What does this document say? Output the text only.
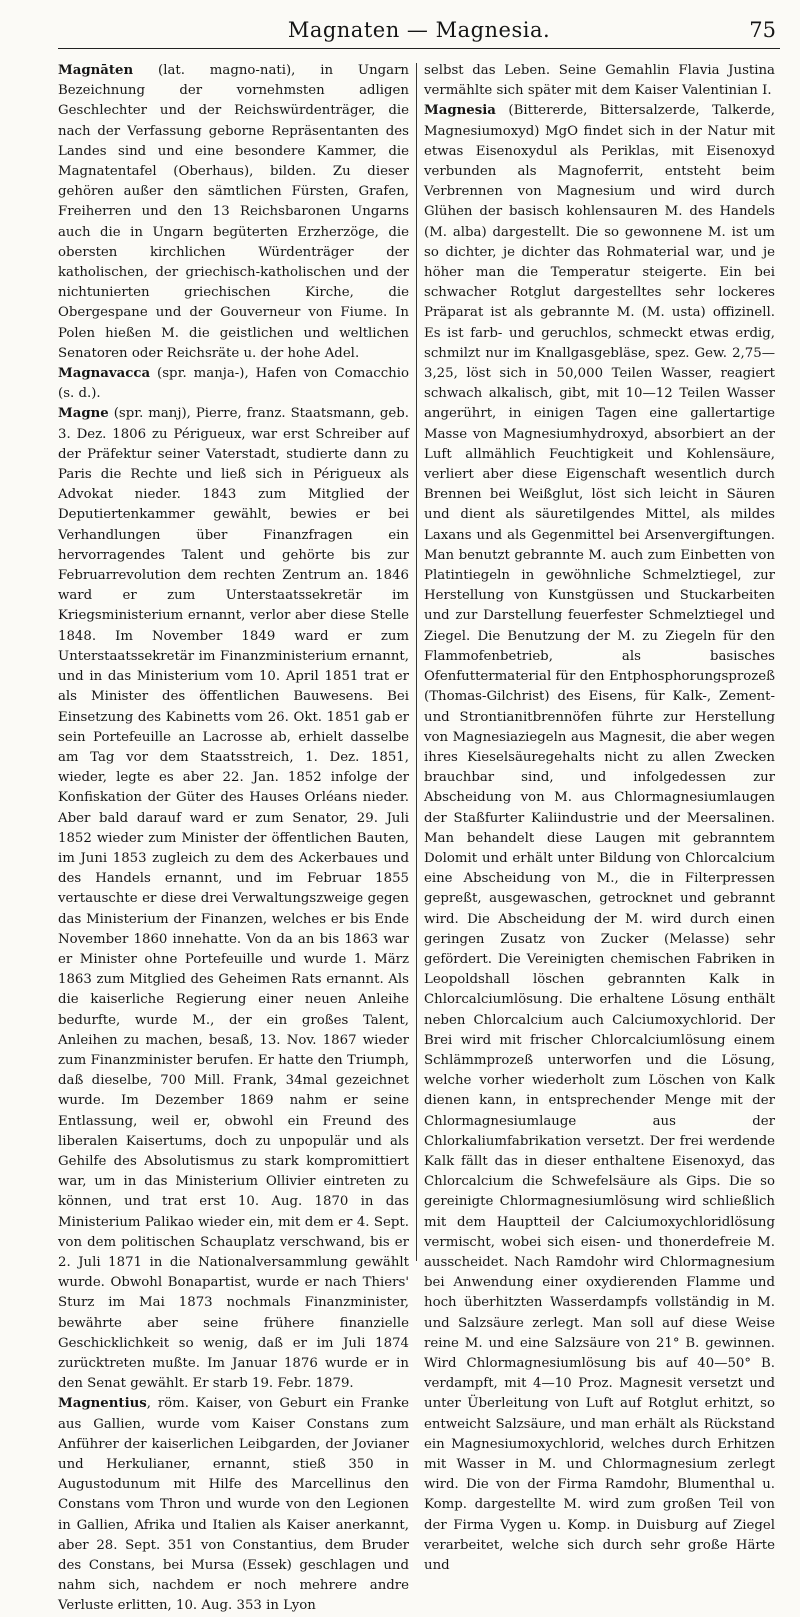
Magnaten — Magnesia.	75

Magnāten (lat. magno-nati), in Ungarn Bezeichnung der vornehmsten adligen Geschlechter und der Reichswürdenträger, die nach der Verfassung geborne Repräsentanten des Landes sind und eine besondere Kammer, die Magnatentafel (Oberhaus), bilden. Zu dieser gehören außer den sämtlichen Fürsten, Grafen, Freiherren und den 13 Reichsbaronen Ungarns auch die in Ungarn begüterten Erzherzöge, die obersten kirchlichen Würdenträger der katholischen, der griechisch-katholischen und der nichtunierten griechischen Kirche, die Obergespane und der Gouverneur von Fiume. In Polen hießen M. die geistlichen und weltlichen Senatoren oder Reichsräte u. der hohe Adel.

Magnavacca (spr. manja-), Hafen von Comacchio (s. d.).

Magne (spr. manj), Pierre, franz. Staatsmann, geb. 3. Dez. 1806 zu Périgueux, war erst Schreiber auf der Präfektur seiner Vaterstadt, studierte dann zu Paris die Rechte und ließ sich in Périgueux als Advokat nieder. 1843 zum Mitglied der Deputiertenkammer gewählt, bewies er bei Verhandlungen über Finanzfragen ein hervorragendes Talent und gehörte bis zur Februarrevolution dem rechten Zentrum an. 1846 ward er zum Unterstaatssekretär im Kriegsministerium ernannt, verlor aber diese Stelle 1848. Im November 1849 ward er zum Unterstaatssekretär im Finanzministerium ernannt, und in das Ministerium vom 10. April 1851 trat er als Minister des öffentlichen Bauwesens. Bei Einsetzung des Kabinetts vom 26. Okt. 1851 gab er sein Portefeuille an Lacrosse ab, erhielt dasselbe am Tag vor dem Staatsstreich, 1. Dez. 1851, wieder, legte es aber 22. Jan. 1852 infolge der Konfiskation der Güter des Hauses Orléans nieder. Aber bald darauf ward er zum Senator, 29. Juli 1852 wieder zum Minister der öffentlichen Bauten, im Juni 1853 zugleich zu dem des Ackerbaues und des Handels ernannt, und im Februar 1855 vertauschte er diese drei Verwaltungszweige gegen das Ministerium der Finanzen, welches er bis Ende November 1860 innehatte. Von da an bis 1863 war er Minister ohne Portefeuille und wurde 1. März 1863 zum Mitglied des Geheimen Rats ernannt. Als die kaiserliche Regierung einer neuen Anleihe bedurfte, wurde M., der ein großes Talent, Anleihen zu machen, besaß, 13. Nov. 1867 wieder zum Finanzminister berufen. Er hatte den Triumph, daß dieselbe, 700 Mill. Frank, 34mal gezeichnet wurde. Im Dezember 1869 nahm er seine Entlassung, weil er, obwohl ein Freund des liberalen Kaisertums, doch zu unpopulär und als Gehilfe des Absolutismus zu stark kompromittiert war, um in das Ministerium Ollivier eintreten zu können, und trat erst 10. Aug. 1870 in das Ministerium Palikao wieder ein, mit dem er 4. Sept. von dem politischen Schauplatz verschwand, bis er 2. Juli 1871 in die Nationalversammlung gewählt wurde. Obwohl Bonapartist, wurde er nach Thiers' Sturz im Mai 1873 nochmals Finanzminister, bewährte aber seine frühere finanzielle Geschicklichkeit so wenig, daß er im Juli 1874 zurücktreten mußte. Im Januar 1876 wurde er in den Senat gewählt. Er starb 19. Febr. 1879.

Magnentius, röm. Kaiser, von Geburt ein Franke aus Gallien, wurde vom Kaiser Constans zum Anführer der kaiserlichen Leibgarden, der Jovianer und Herkulianer, ernannt, stieß 350 in Augustodunum mit Hilfe des Marcellinus den Constans vom Thron und wurde von den Legionen in Gallien, Afrika und Italien als Kaiser anerkannt, aber 28. Sept. 351 von Constantius, dem Bruder des Constans, bei Mursa (Essek) geschlagen und nahm sich, nachdem er noch mehrere andre Verluste erlitten, 10. Aug. 353 in Lyon

selbst das Leben. Seine Gemahlin Flavia Justina vermählte sich später mit dem Kaiser Valentinian I.

Magnesia (Bittererde, Bittersalzerde, Talkerde, Magnesiumoxyd) MgO findet sich in der Natur mit etwas Eisenoxydul als Periklas, mit Eisenoxyd verbunden als Magnoferrit, entsteht beim Verbrennen von Magnesium und wird durch Glühen der basisch kohlensauren M. des Handels (M. alba) dargestellt. Die so gewonnene M. ist um so dichter, je dichter das Rohmaterial war, und je höher man die Temperatur steigerte. Ein bei schwacher Rotglut dargestelltes sehr lockeres Präparat ist als gebrannte M. (M. usta) offizinell. Es ist farb- und geruchlos, schmeckt etwas erdig, schmilzt nur im Knallgasgebläse, spez. Gew. 2,75—3,25, löst sich in 50,000 Teilen Wasser, reagiert schwach alkalisch, gibt, mit 10—12 Teilen Wasser angerührt, in einigen Tagen eine gallertartige Masse von Magnesiumhydroxyd, absorbiert an der Luft allmählich Feuchtigkeit und Kohlensäure, verliert aber diese Eigenschaft wesentlich durch Brennen bei Weißglut, löst sich leicht in Säuren und dient als säuretilgendes Mittel, als mildes Laxans und als Gegenmittel bei Arsenvergiftungen. Man benutzt gebrannte M. auch zum Einbetten von Platintiegeln in gewöhnliche Schmelztiegel, zur Herstellung von Kunstgüssen und Stuckarbeiten und zur Darstellung feuerfester Schmelztiegel und Ziegel. Die Benutzung der M. zu Ziegeln für den Flammofenbetrieb, als basisches Ofenfuttermaterial für den Entphosphorungsprozeß (Thomas-Gilchrist) des Eisens, für Kalk-, Zement- und Strontianitbrennöfen führte zur Herstellung von Magnesiaziegeln aus Magnesit, die aber wegen ihres Kieselsäuregehalts nicht zu allen Zwecken brauchbar sind, und infolgedessen zur Abscheidung von M. aus Chlormagnesiumlaugen der Staßfurter Kaliindustrie und der Meersalinen. Man behandelt diese Laugen mit gebranntem Dolomit und erhält unter Bildung von Chlorcalcium eine Abscheidung von M., die in Filterpressen gepreßt, ausgewaschen, getrocknet und gebrannt wird. Die Abscheidung der M. wird durch einen geringen Zusatz von Zucker (Melasse) sehr gefördert. Die Vereinigten chemischen Fabriken in Leopoldshall löschen gebrannten Kalk in Chlorcalciumlösung. Die erhaltene Lösung enthält neben Chlorcalcium auch Calciumoxychlorid. Der Brei wird mit frischer Chlorcalciumlösung einem Schlämmprozeß unterworfen und die Lösung, welche vorher wiederholt zum Löschen von Kalk dienen kann, in entsprechender Menge mit der Chlormagnesiumlauge aus der Chlorkaliumfabrikation versetzt. Der frei werdende Kalk fällt das in dieser enthaltene Eisenoxyd, das Chlorcalcium die Schwefelsäure als Gips. Die so gereinigte Chlormagnesiumlösung wird schließlich mit dem Hauptteil der Calciumoxychloridlösung vermischt, wobei sich eisen- und thonerdefreie M. ausscheidet. Nach Ramdohr wird Chlormagnesium bei Anwendung einer oxydierenden Flamme und hoch überhitzten Wasserdampfs vollständig in M. und Salzsäure zerlegt. Man soll auf diese Weise reine M. und eine Salzsäure von 21° B. gewinnen. Wird Chlormagnesiumlösung bis auf 40—50° B. verdampft, mit 4—10 Proz. Magnesit versetzt und unter Überleitung von Luft auf Rotglut erhitzt, so entweicht Salzsäure, und man erhält als Rückstand ein Magnesiumoxychlorid, welches durch Erhitzen mit Wasser in M. und Chlormagnesium zerlegt wird. Die von der Firma Ramdohr, Blumenthal u. Komp. dargestellte M. wird zum großen Teil von der Firma Vygen u. Komp. in Duisburg auf Ziegel verarbeitet, welche sich durch sehr große Härte und
